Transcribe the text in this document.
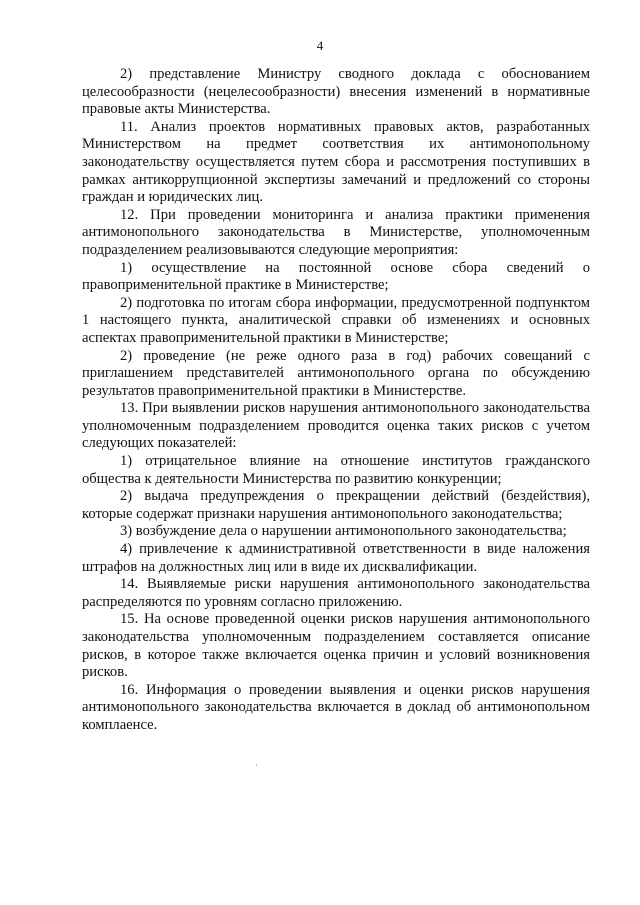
4

2) представление Министру сводного доклада с обоснованием целесообразности (нецелесообразности) внесения изменений в нормативные правовые акты Министерства.

11. Анализ проектов нормативных правовых актов, разработанных Министерством на предмет соответствия их антимонопольному законодательству осуществляется путем сбора и рассмотрения поступивших в рамках антикоррупционной экспертизы замечаний и предложений со стороны граждан и юридических лиц.

12. При проведении мониторинга и анализа практики применения антимонопольного законодательства в Министерстве, уполномоченным подразделением реализовываются следующие мероприятия:

1) осуществление на постоянной основе сбора сведений о правоприменительной практике в Министерстве;

2) подготовка по итогам сбора информации, предусмотренной подпунктом 1 настоящего пункта, аналитической справки об изменениях и основных аспектах правоприменительной практики в Министерстве;

2) проведение (не реже одного раза в год) рабочих совещаний с приглашением представителей антимонопольного органа по обсуждению результатов правоприменительной практики в Министерстве.

13. При выявлении рисков нарушения антимонопольного законодательства уполномоченным подразделением проводится оценка таких рисков с учетом следующих показателей:

1) отрицательное влияние на отношение институтов гражданского общества к деятельности Министерства по развитию конкуренции;

2) выдача предупреждения о прекращении действий (бездействия), которые содержат признаки нарушения антимонопольного законодательства;

3) возбуждение дела о нарушении антимонопольного законодательства;

4) привлечение к административной ответственности в виде наложения штрафов на должностных лиц или в виде их дисквалификации.

14. Выявляемые риски нарушения антимонопольного законодательства распределяются по уровням согласно приложению.

15. На основе проведенной оценки рисков нарушения антимонопольного законодательства уполномоченным подразделением составляется описание рисков, в которое также включается оценка причин и условий возникновения рисков.

16. Информация о проведении выявления и оценки рисков нарушения антимонопольного законодательства включается в доклад об антимонопольном комплаенсе.
